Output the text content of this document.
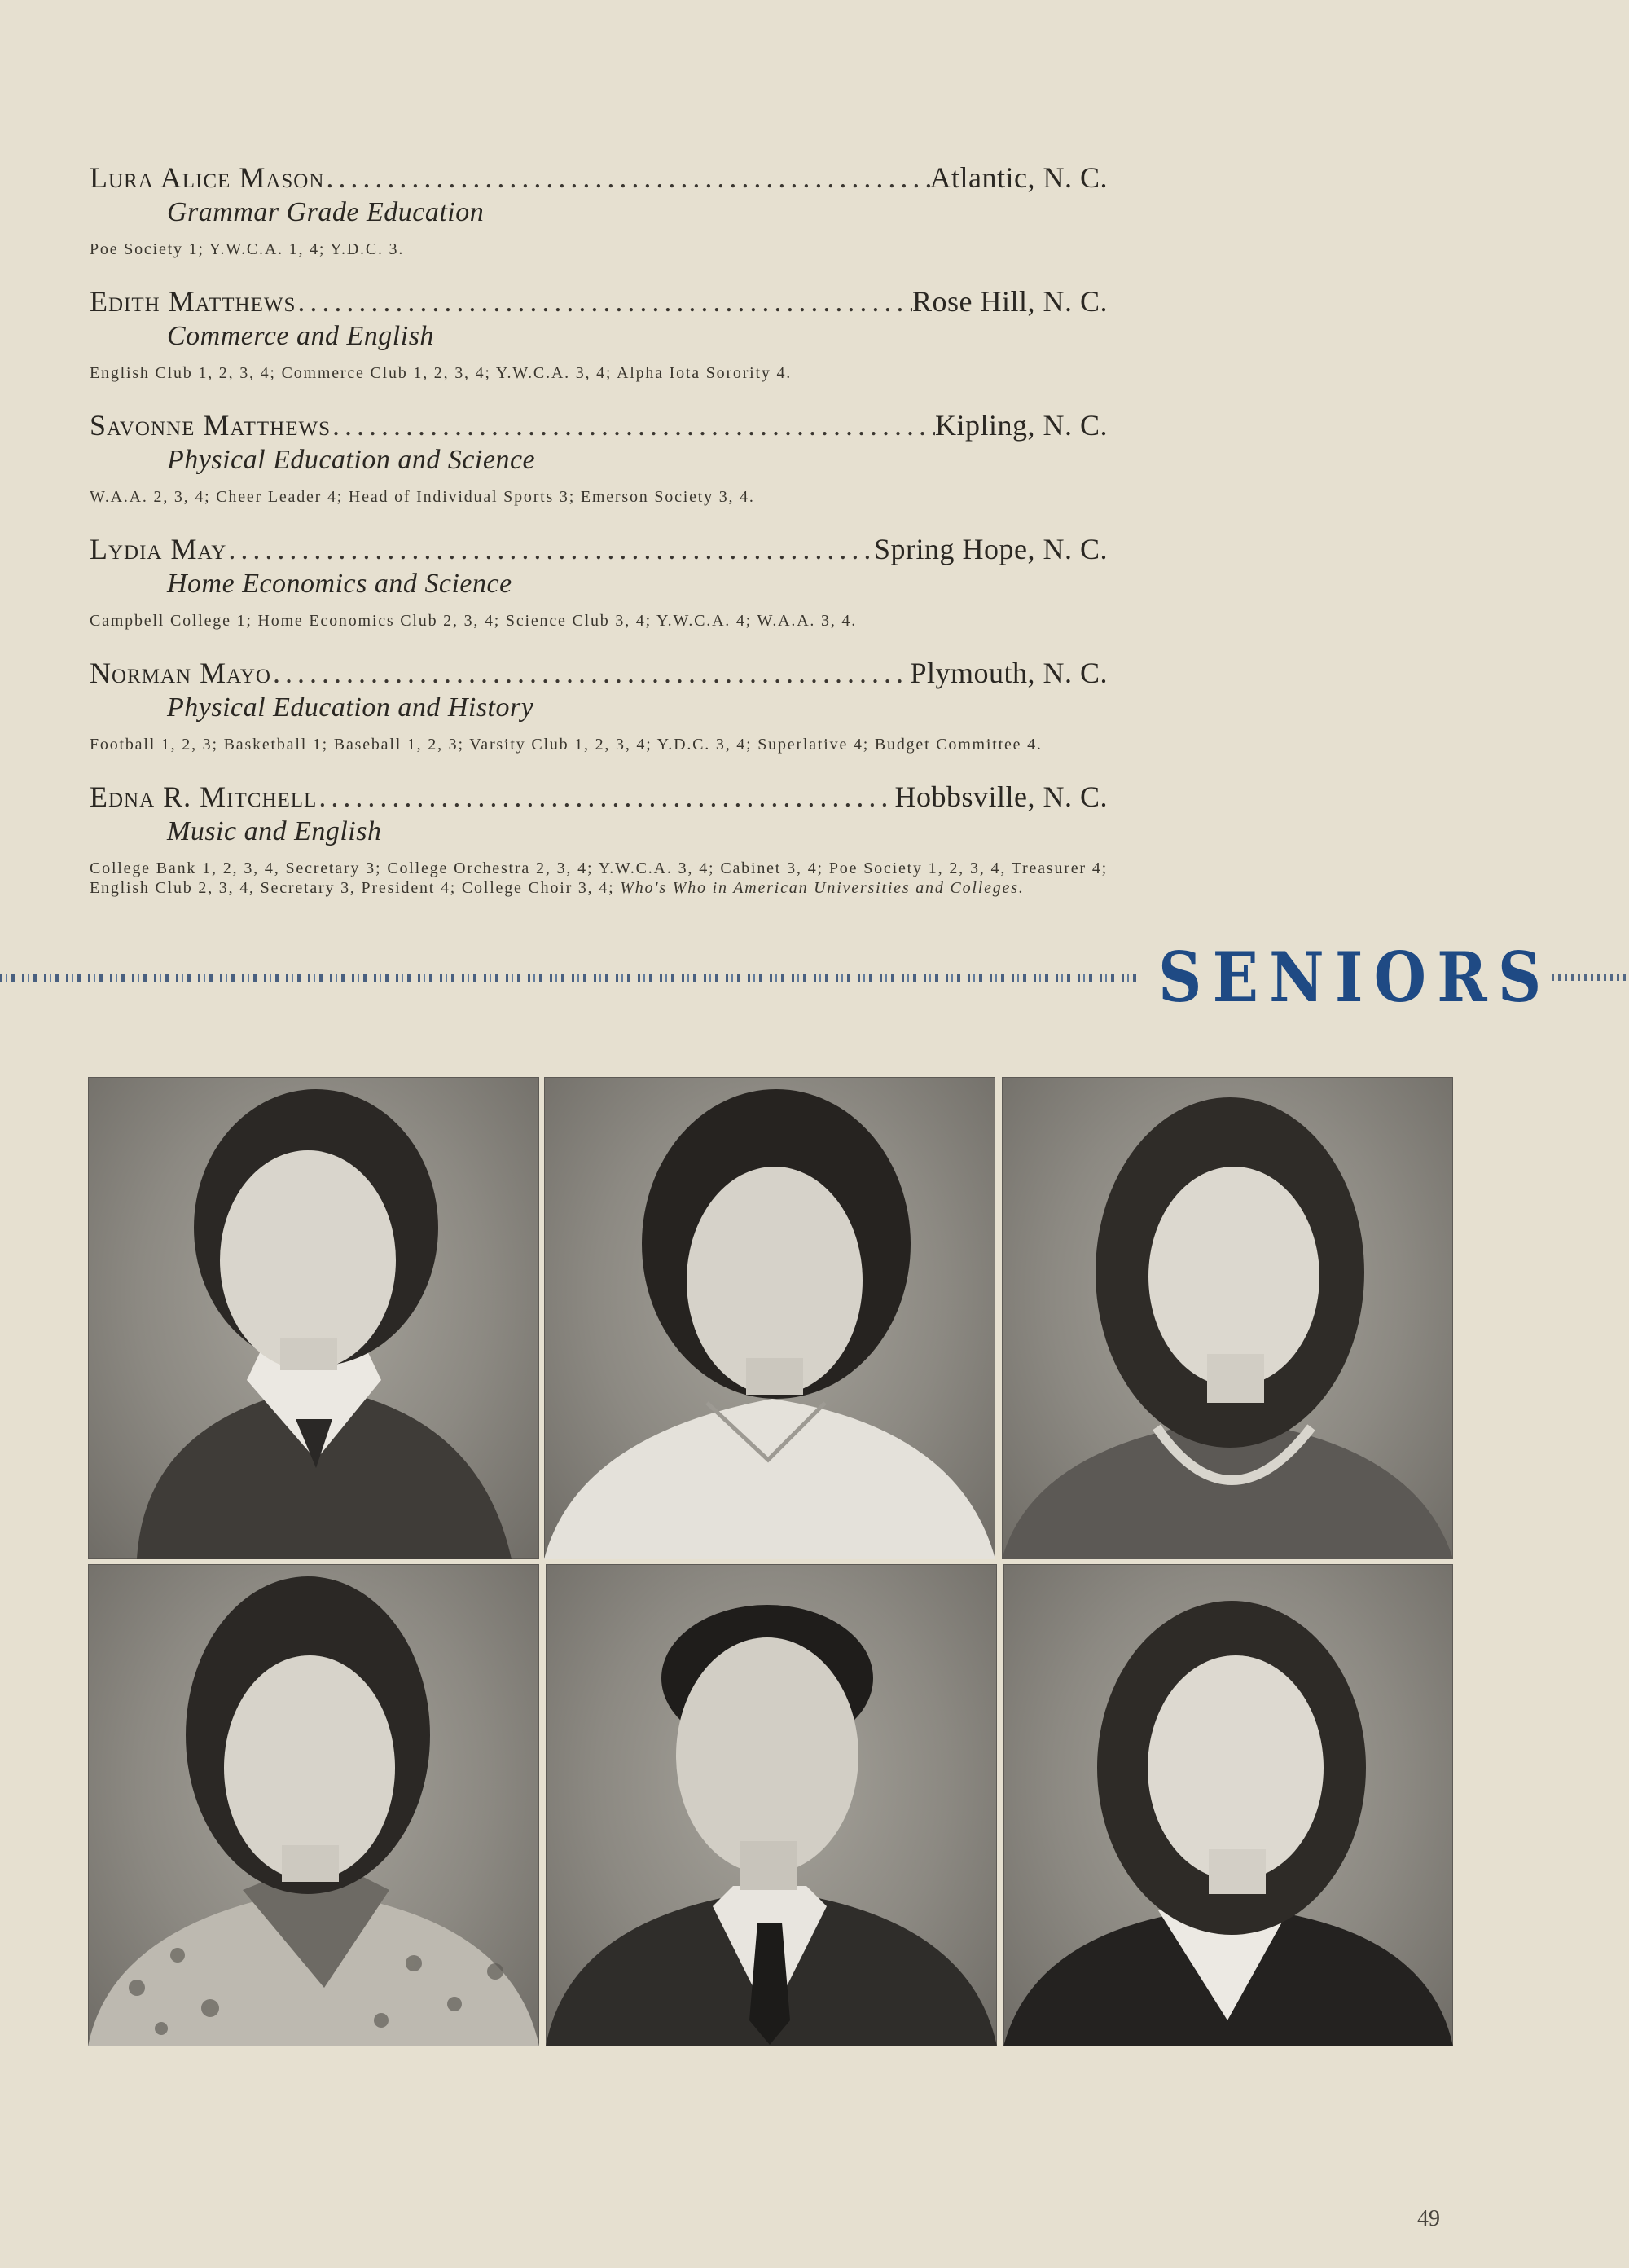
Lura Alice Mason .....	Atlantic, N. C.
Grammar Grade Education
Poe Society 1; Y.W.C.A. 1, 4; Y.D.C. 3.
Edith Matthews .....	Rose Hill, N. C.
Commerce and English
English Club 1, 2, 3, 4; Commerce Club 1, 2, 3, 4; Y.W.C.A. 3, 4; Alpha Iota Sorority 4.
Savonne Matthews .....	Kipling, N. C.
Physical Education and Science
W.A.A. 2, 3, 4; Cheer Leader 4; Head of Individual Sports 3; Emerson Society 3, 4.
Lydia May .....	Spring Hope, N. C.
Home Economics and Science
Campbell College 1; Home Economics Club 2, 3, 4; Science Club 3, 4; Y.W.C.A. 4; W.A.A. 3, 4.
Norman Mayo .....	Plymouth, N. C.
Physical Education and History
Football 1, 2, 3; Basketball 1; Baseball 1, 2, 3; Varsity Club 1, 2, 3, 4; Y.D.C. 3, 4; Superlative 4; Budget Committee 4.
Edna R. Mitchell .....	Hobbsville, N. C.
Music and English
College Bank 1, 2, 3, 4, Secretary 3; College Orchestra 2, 3, 4; Y.W.C.A. 3, 4; Cabinet 3, 4; Poe Society 1, 2, 3, 4, Treasurer 4; English Club 2, 3, 4, Secretary 3, President 4; College Choir 3, 4; Who's Who in American Universities and Colleges.
SENIORS
49
